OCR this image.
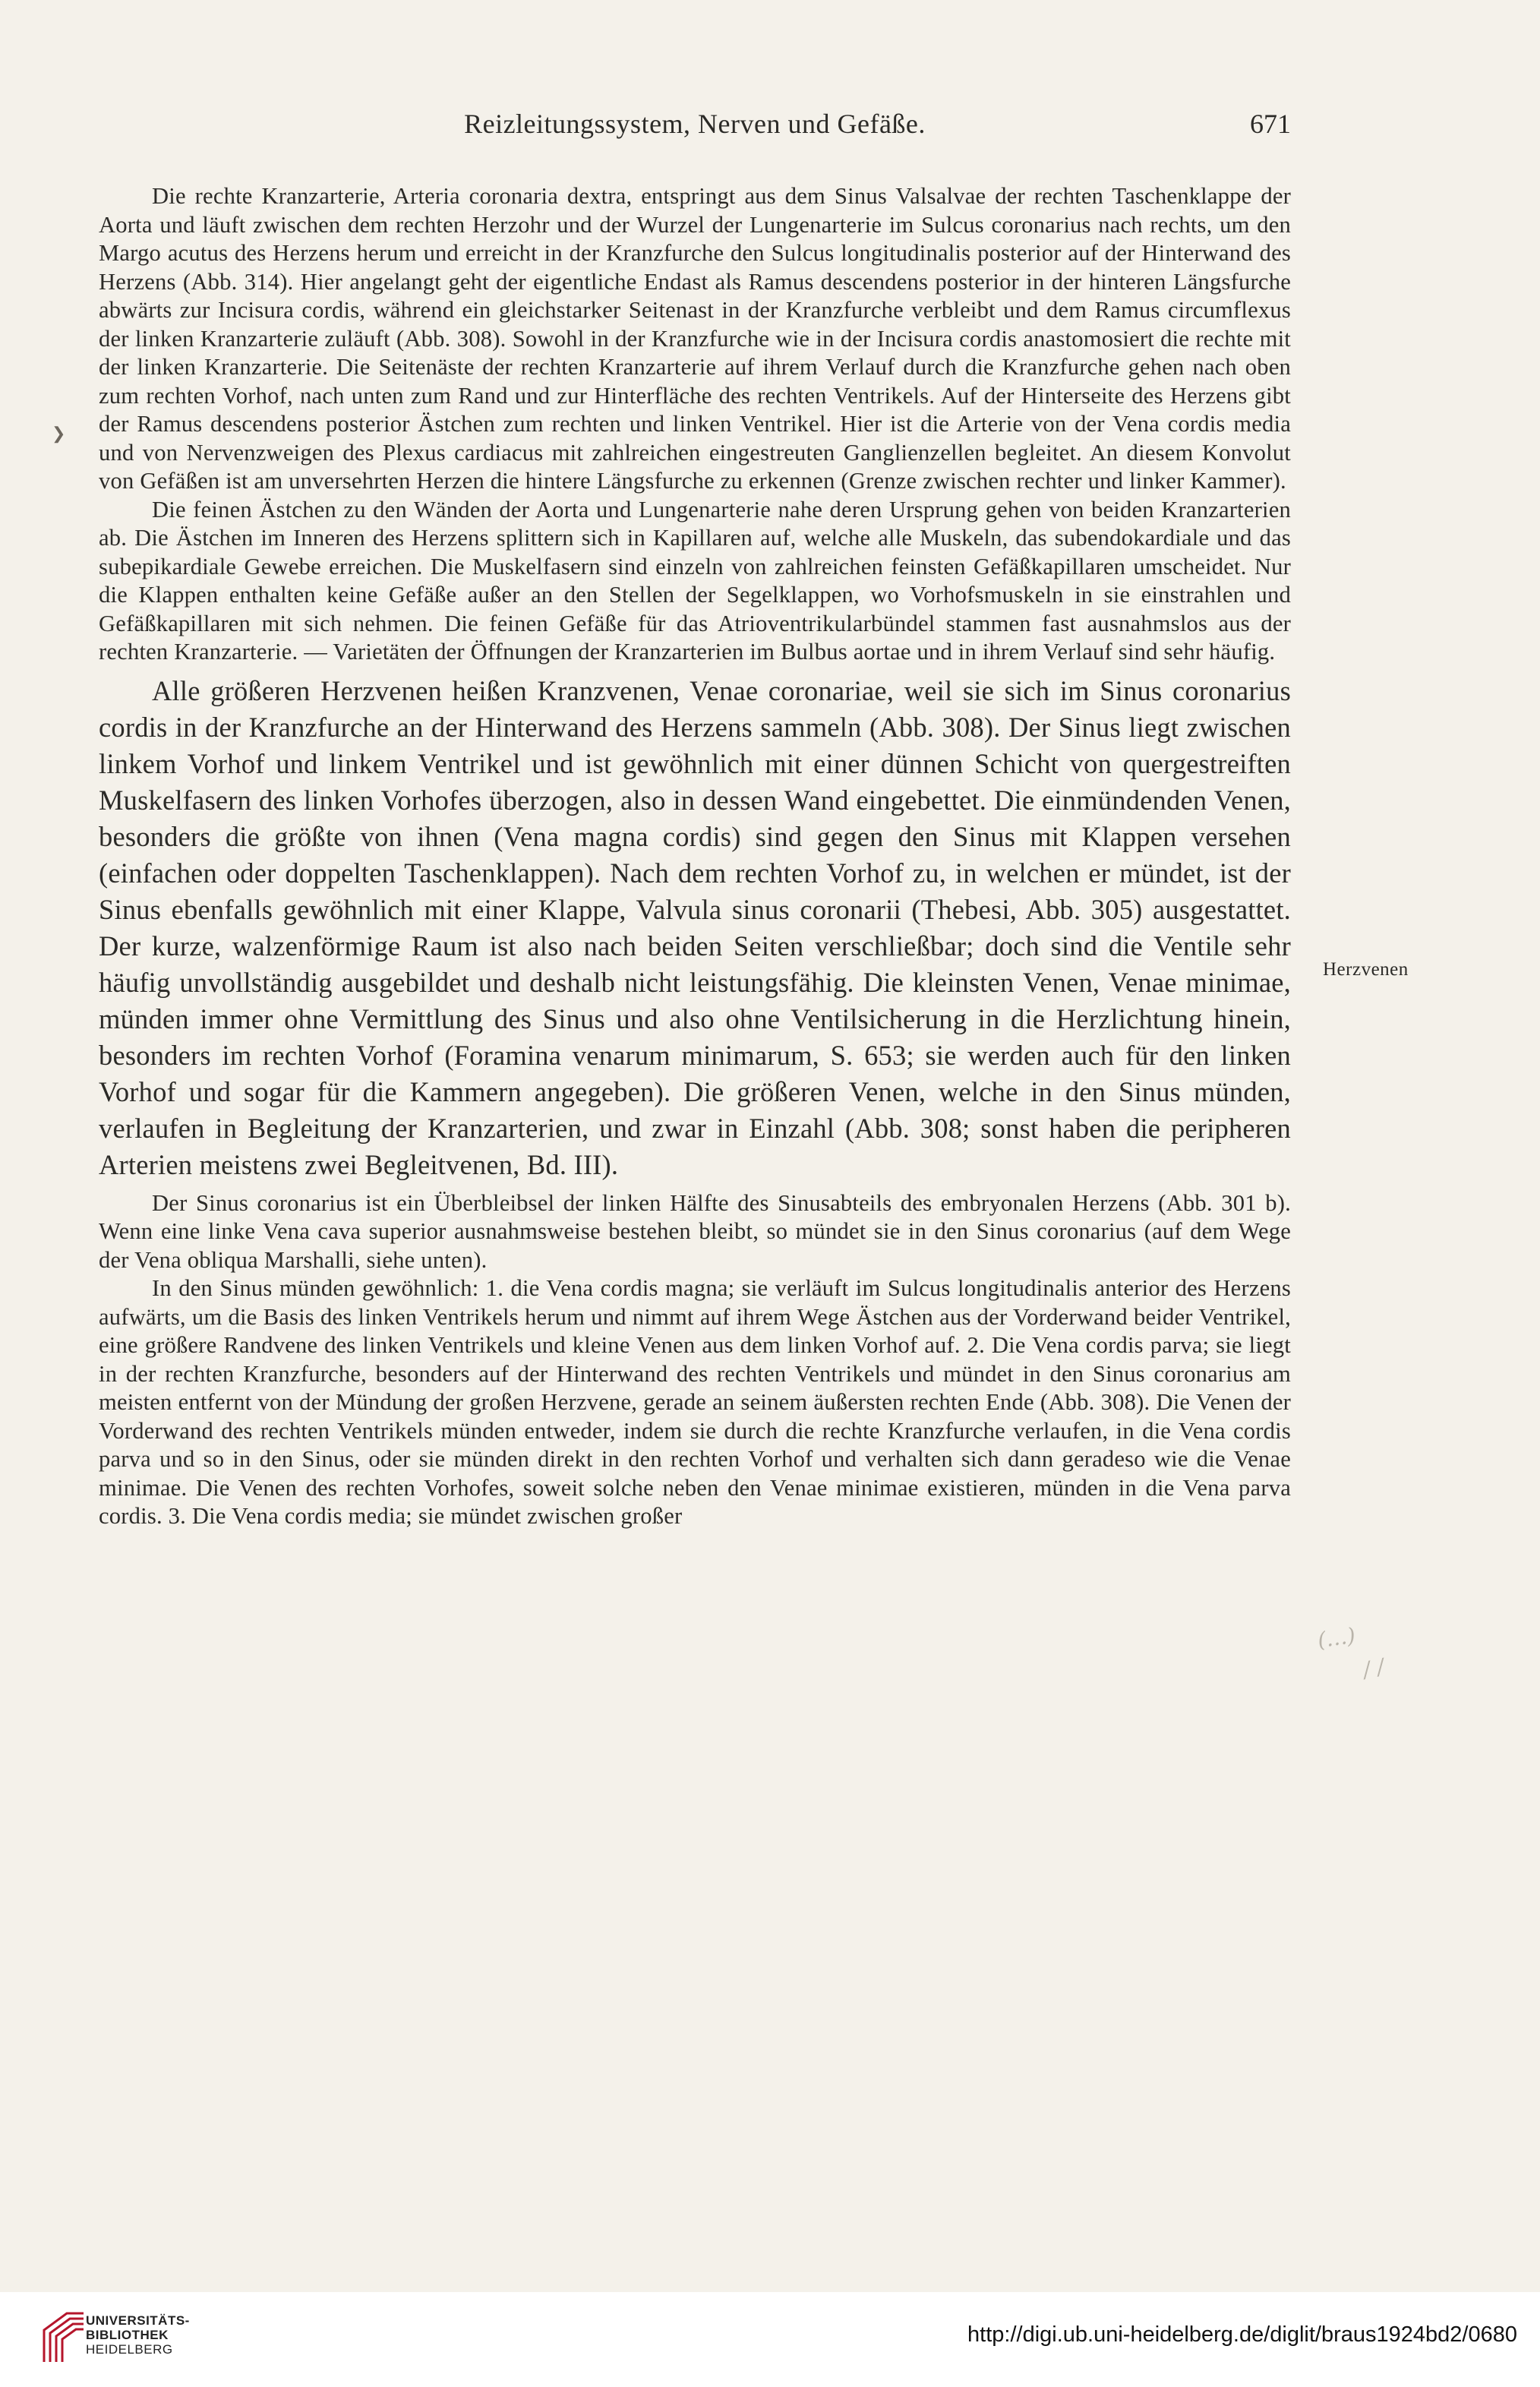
Reizleitungssystem, Nerven und Gefäße.	671
❯

Die rechte Kranzarterie, Arteria coronaria dextra, entspringt aus dem Sinus Valsalvae der rechten Taschenklappe der Aorta und läuft zwischen dem rechten Herzohr und der Wurzel der Lungenarterie im Sulcus coronarius nach rechts, um den Margo acutus des Herzens herum und erreicht in der Kranzfurche den Sulcus longitudinalis posterior auf der Hinterwand des Herzens (Abb. 314). Hier angelangt geht der eigentliche Endast als Ramus descendens posterior in der hinteren Längsfurche abwärts zur Incisura cordis, während ein gleichstarker Seitenast in der Kranzfurche verbleibt und dem Ramus circumflexus der linken Kranzarterie zuläuft (Abb. 308). Sowohl in der Kranzfurche wie in der Incisura cordis anastomosiert die rechte mit der linken Kranzarterie. Die Seitenäste der rechten Kranzarterie auf ihrem Verlauf durch die Kranzfurche gehen nach oben zum rechten Vorhof, nach unten zum Rand und zur Hinterfläche des rechten Ventrikels. Auf der Hinterseite des Herzens gibt der Ramus descendens posterior Ästchen zum rechten und linken Ventrikel. Hier ist die Arterie von der Vena cordis media und von Nervenzweigen des Plexus cardiacus mit zahlreichen eingestreuten Ganglienzellen begleitet. An diesem Konvolut von Gefäßen ist am unversehrten Herzen die hintere Längsfurche zu erkennen (Grenze zwischen rechter und linker Kammer).

Die feinen Ästchen zu den Wänden der Aorta und Lungenarterie nahe deren Ursprung gehen von beiden Kranzarterien ab. Die Ästchen im Inneren des Herzens splittern sich in Kapillaren auf, welche alle Muskeln, das subendokardiale und das subepikardiale Gewebe erreichen. Die Muskelfasern sind einzeln von zahlreichen feinsten Gefäßkapillaren umscheidet. Nur die Klappen enthalten keine Gefäße außer an den Stellen der Segelklappen, wo Vorhofsmuskeln in sie einstrahlen und Gefäßkapillaren mit sich nehmen. Die feinen Gefäße für das Atrioventrikularbündel stammen fast ausnahmslos aus der rechten Kranzarterie. — Varietäten der Öffnungen der Kranzarterien im Bulbus aortae und in ihrem Verlauf sind sehr häufig.

Alle größeren Herzvenen heißen Kranzvenen, Venae coronariae, weil sie sich im Sinus coronarius cordis in der Kranzfurche an der Hinterwand des Herzens sammeln (Abb. 308). Der Sinus liegt zwischen linkem Vorhof und linkem Ventrikel und ist gewöhnlich mit einer dünnen Schicht von quergestreiften Muskelfasern des linken Vorhofes überzogen, also in dessen Wand eingebettet. Die einmündenden Venen, besonders die größte von ihnen (Vena magna cordis) sind gegen den Sinus mit Klappen versehen (einfachen oder doppelten Taschenklappen). Nach dem rechten Vorhof zu, in welchen er mündet, ist der Sinus ebenfalls gewöhnlich mit einer Klappe, Valvula sinus coronarii (Thebesi, Abb. 305) ausgestattet. Der kurze, walzenförmige Raum ist also nach beiden Seiten verschließbar; doch sind die Ventile sehr häufig unvollständig ausgebildet und deshalb nicht leistungsfähig. Die kleinsten Venen, Venae minimae, münden immer ohne Vermittlung des Sinus und also ohne Ventilsicherung in die Herzlichtung hinein, besonders im rechten Vorhof (Foramina venarum minimarum, S. 653; sie werden auch für den linken Vorhof und sogar für die Kammern angegeben). Die größeren Venen, welche in den Sinus münden, verlaufen in Begleitung der Kranzarterien, und zwar in Einzahl (Abb. 308; sonst haben die peripheren Arterien meistens zwei Begleitvenen, Bd. III).

Der Sinus coronarius ist ein Überbleibsel der linken Hälfte des Sinusabteils des embryonalen Herzens (Abb. 301 b). Wenn eine linke Vena cava superior ausnahmsweise bestehen bleibt, so mündet sie in den Sinus coronarius (auf dem Wege der Vena obliqua Marshalli, siehe unten).

In den Sinus münden gewöhnlich: 1. die Vena cordis magna; sie verläuft im Sulcus longitudinalis anterior des Herzens aufwärts, um die Basis des linken Ventrikels herum und nimmt auf ihrem Wege Ästchen aus der Vorderwand beider Ventrikel, eine größere Randvene des linken Ventrikels und kleine Venen aus dem linken Vorhof auf. 2. Die Vena cordis parva; sie liegt in der rechten Kranzfurche, besonders auf der Hinterwand des rechten Ventrikels und mündet in den Sinus coronarius am meisten entfernt von der Mündung der großen Herzvene, gerade an seinem äußersten rechten Ende (Abb. 308). Die Venen der Vorderwand des rechten Ventrikels münden entweder, indem sie durch die rechte Kranzfurche verlaufen, in die Vena cordis parva und so in den Sinus, oder sie münden direkt in den rechten Vorhof und verhalten sich dann geradeso wie die Venae minimae. Die Venen des rechten Vorhofes, soweit solche neben den Venae minimae existieren, münden in die Vena parva cordis. 3. Die Vena cordis media; sie mündet zwischen großer

Herzvenen
(…)
/ /
UNIVERSITÄTS-
BIBLIOTHEK
HEIDELBERG
http://digi.ub.uni-heidelberg.de/diglit/braus1924bd2/0680
